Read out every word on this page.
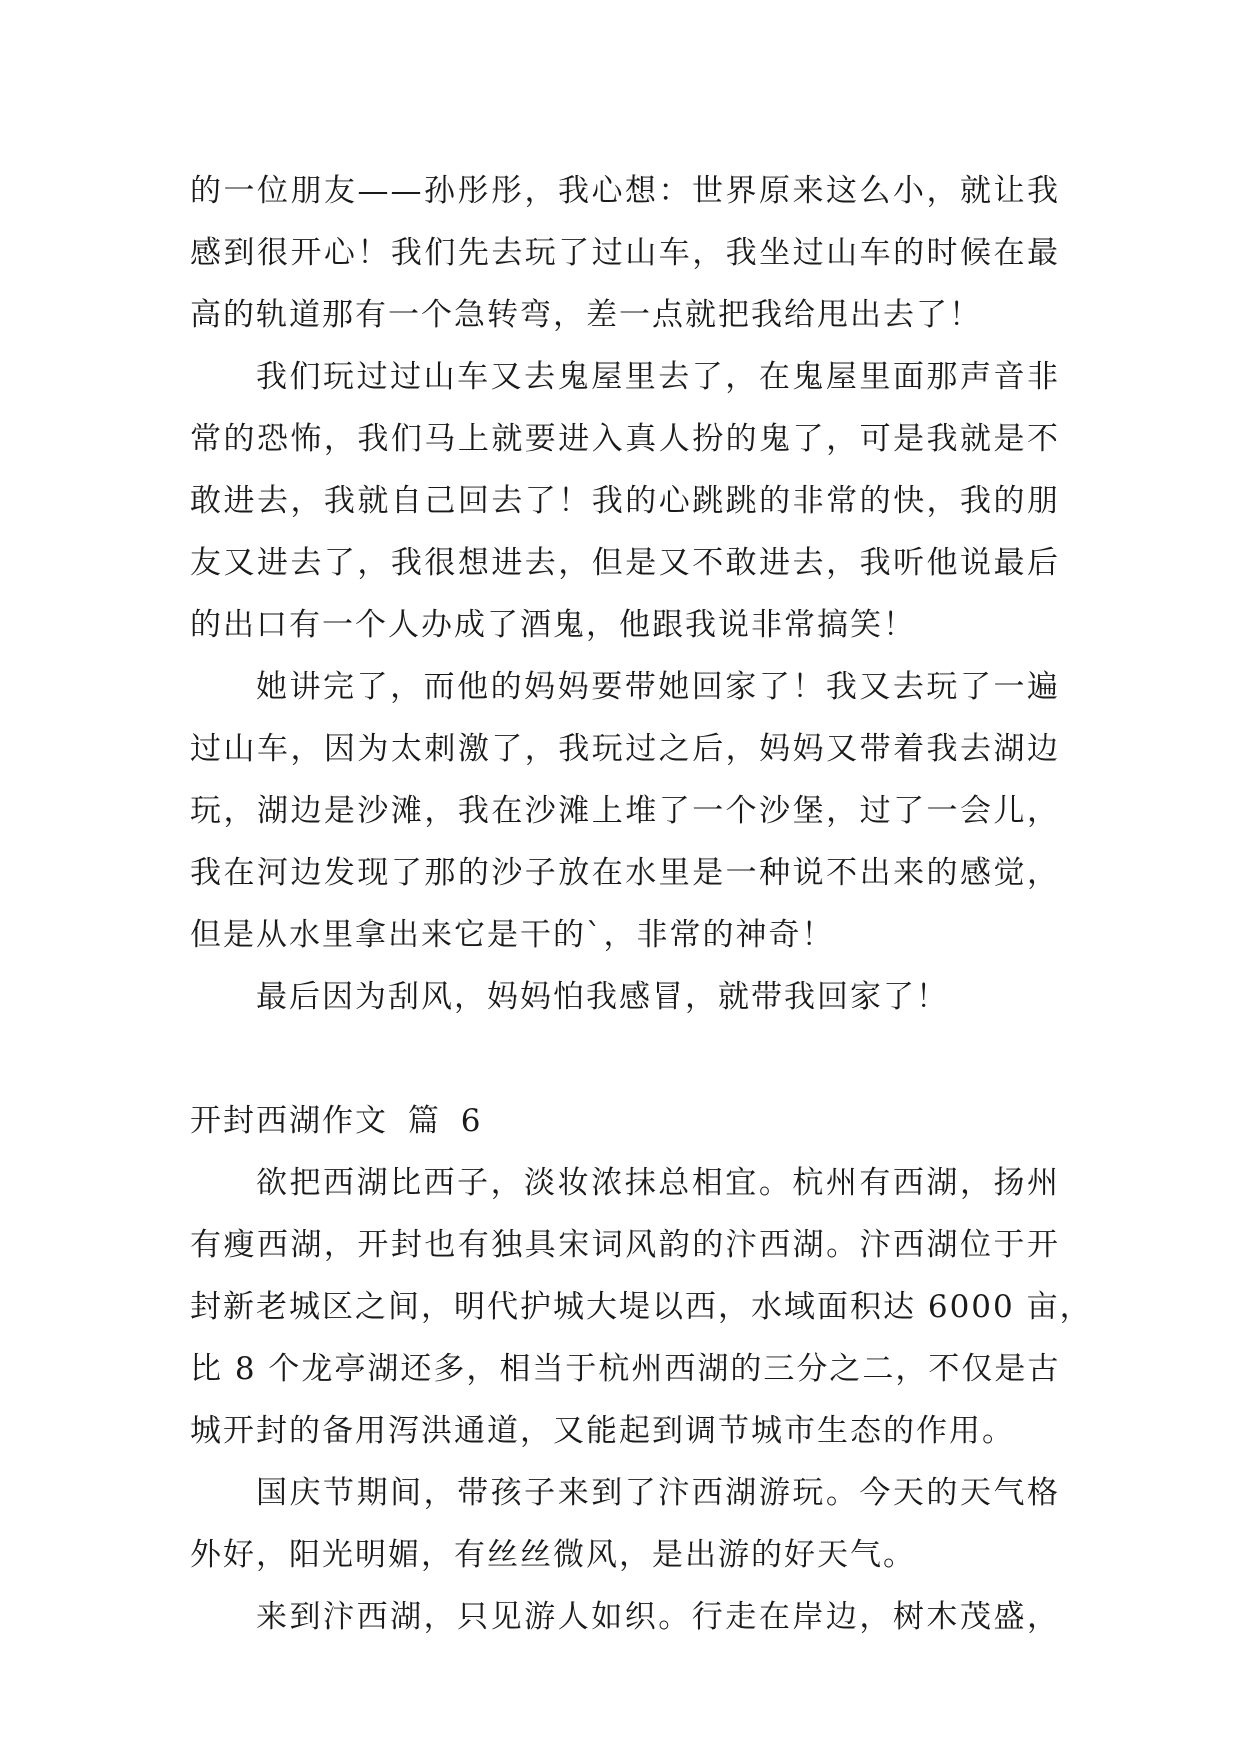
的一位朋友——孙彤彤，我心想：世界原来这么小，就让我
感到很开心！我们先去玩了过山车，我坐过山车的时候在最
高的轨道那有一个急转弯，差一点就把我给甩出去了！
我们玩过过山车又去鬼屋里去了，在鬼屋里面那声音非
常的恐怖，我们马上就要进入真人扮的鬼了，可是我就是不
敢进去，我就自己回去了！我的心跳跳的非常的快，我的朋
友又进去了，我很想进去，但是又不敢进去，我听他说最后
的出口有一个人办成了酒鬼，他跟我说非常搞笑！
她讲完了，而他的妈妈要带她回家了！我又去玩了一遍
过山车，因为太刺激了，我玩过之后，妈妈又带着我去湖边
玩，湖边是沙滩，我在沙滩上堆了一个沙堡，过了一会儿，
我在河边发现了那的沙子放在水里是一种说不出来的感觉，
但是从水里拿出来它是干的`，非常的神奇！
最后因为刮风，妈妈怕我感冒，就带我回家了！
开封西湖作文 篇 6
欲把西湖比西子，淡妆浓抹总相宜。杭州有西湖，扬州
有瘦西湖，开封也有独具宋词风韵的汴西湖。汴西湖位于开
封新老城区之间，明代护城大堤以西，水域面积达 6000 亩，
比 8 个龙亭湖还多，相当于杭州西湖的三分之二，不仅是古
城开封的备用泻洪通道，又能起到调节城市生态的作用。
国庆节期间，带孩子来到了汴西湖游玩。今天的天气格
外好，阳光明媚，有丝丝微风，是出游的好天气。
来到汴西湖，只见游人如织。行走在岸边，树木茂盛，
